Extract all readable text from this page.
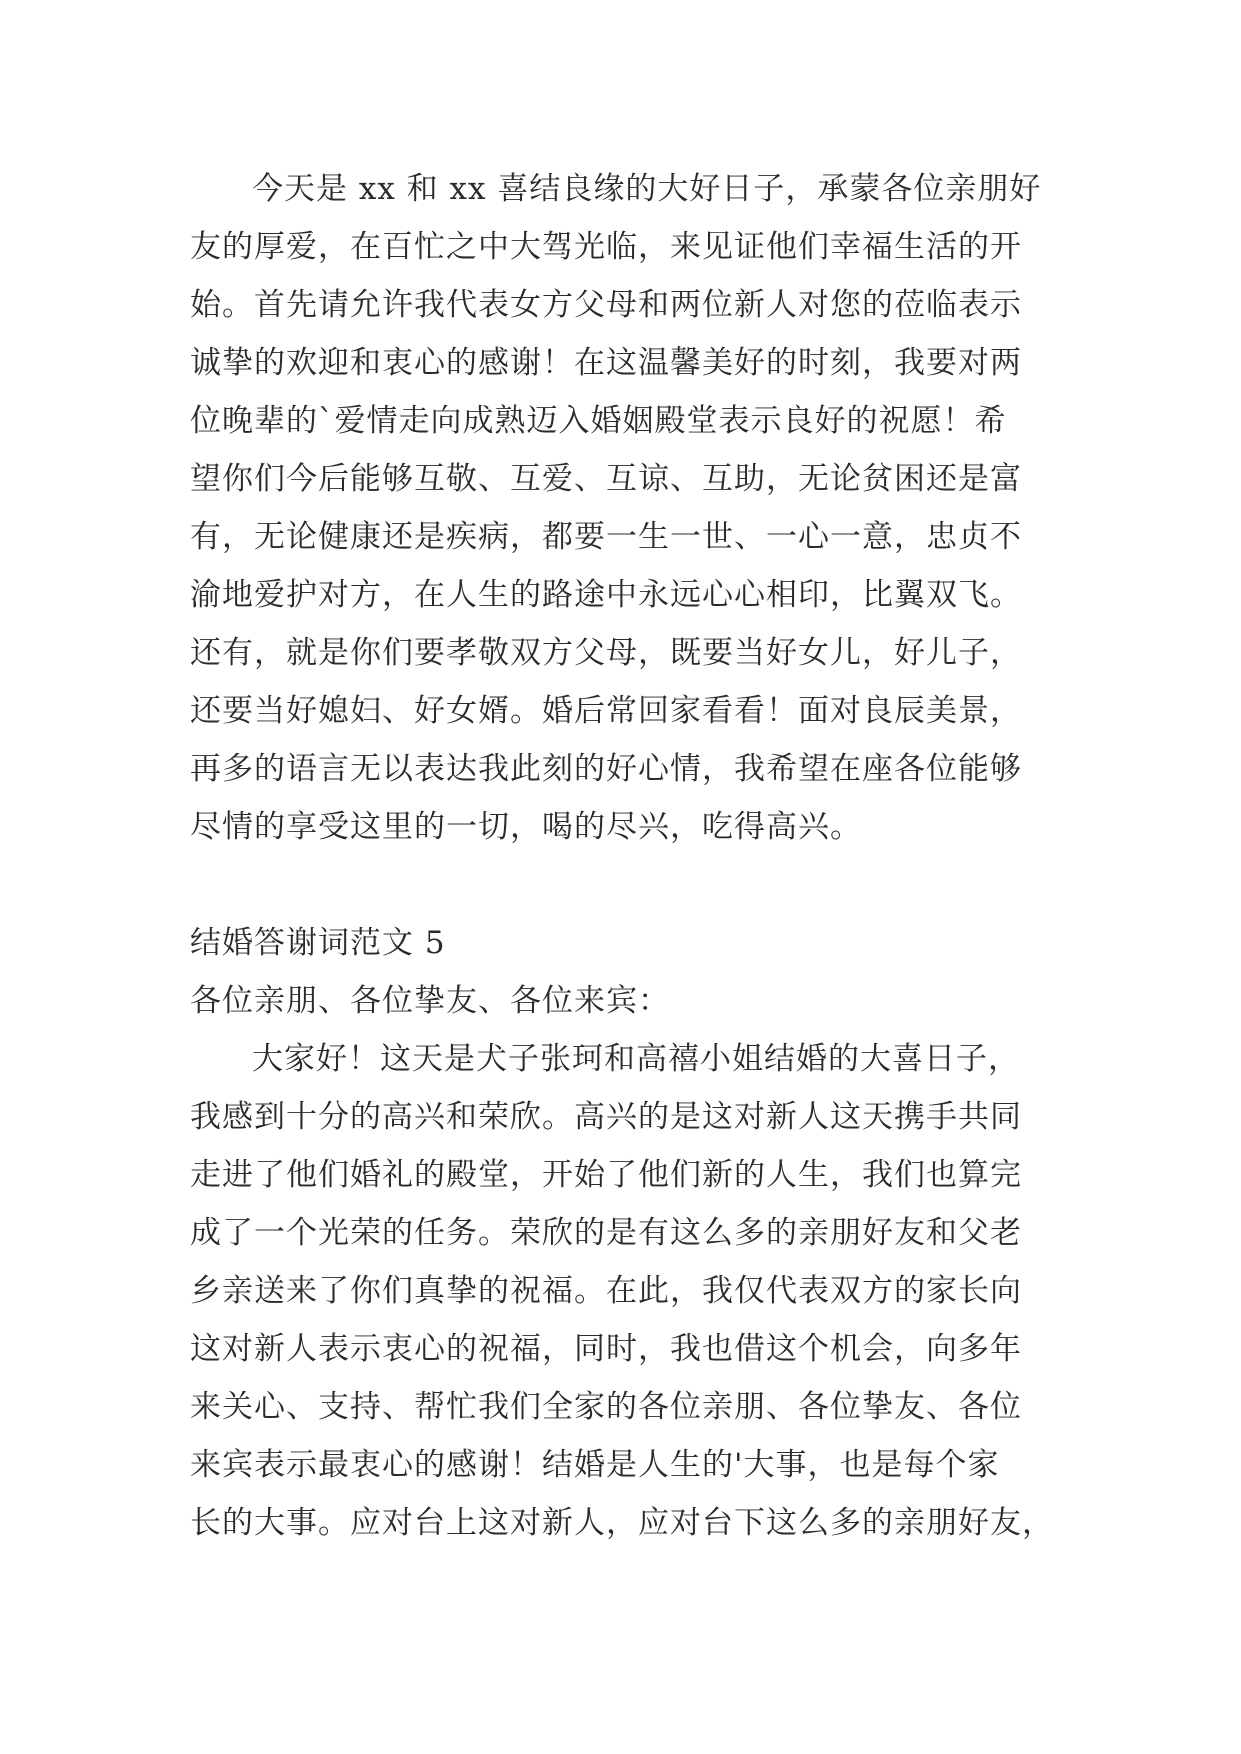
今天是 xx 和 xx 喜结良缘的大好日子，承蒙各位亲朋好
友的厚爱，在百忙之中大驾光临，来见证他们幸福生活的开
始。首先请允许我代表女方父母和两位新人对您的莅临表示
诚挚的欢迎和衷心的感谢！在这温馨美好的时刻，我要对两
位晚辈的`爱情走向成熟迈入婚姻殿堂表示良好的祝愿！希
望你们今后能够互敬、互爱、互谅、互助，无论贫困还是富
有，无论健康还是疾病，都要一生一世、一心一意，忠贞不
渝地爱护对方，在人生的路途中永远心心相印，比翼双飞。
还有，就是你们要孝敬双方父母，既要当好女儿，好儿子，
还要当好媳妇、好女婿。婚后常回家看看！面对良辰美景，
再多的语言无以表达我此刻的好心情，我希望在座各位能够
尽情的享受这里的一切，喝的尽兴，吃得高兴。
结婚答谢词范文 5
各位亲朋、各位挚友、各位来宾：
大家好！这天是犬子张珂和高禧小姐结婚的大喜日子，
我感到十分的高兴和荣欣。高兴的是这对新人这天携手共同
走进了他们婚礼的殿堂，开始了他们新的人生，我们也算完
成了一个光荣的任务。荣欣的是有这么多的亲朋好友和父老
乡亲送来了你们真挚的祝福。在此，我仅代表双方的家长向
这对新人表示衷心的祝福，同时，我也借这个机会，向多年
来关心、支持、帮忙我们全家的各位亲朋、各位挚友、各位
来宾表示最衷心的感谢！结婚是人生的'大事，也是每个家
长的大事。应对台上这对新人，应对台下这么多的亲朋好友，
